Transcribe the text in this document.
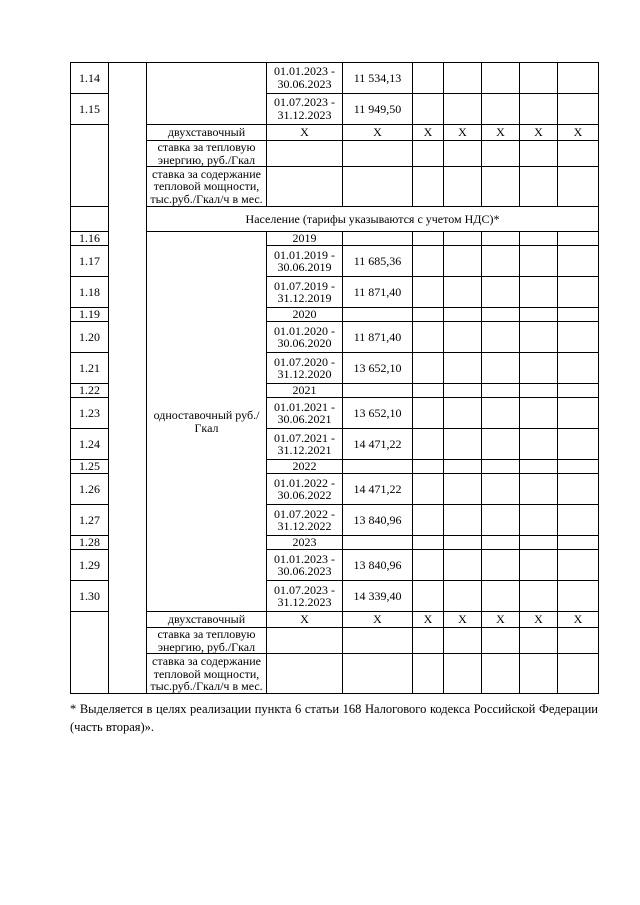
1.14			01.01.2023 - 30.06.2023	11 534,13					
1.15			01.07.2023 - 31.12.2023	11 949,50					
		двухставочный	Х	Х	Х	Х	Х	Х	Х
		ставка за тепловую энергию, руб./Гкал							
		ставка за содержание тепловой мощности, тыс.руб./Гкал/ч в мес.							
		Население (тарифы указываются с учетом НДС)*							
1.16		одноставочный руб./Гкал	2019						
1.17			01.01.2019 - 30.06.2019	11 685,36					
1.18			01.07.2019 - 31.12.2019	11 871,40					
1.19			2020						
1.20			01.01.2020 - 30.06.2020	11 871,40					
1.21			01.07.2020 - 31.12.2020	13 652,10					
1.22			2021						
1.23			01.01.2021 - 30.06.2021	13 652,10					
1.24			01.07.2021 - 31.12.2021	14 471,22					
1.25			2022						
1.26			01.01.2022 - 30.06.2022	14 471,22					
1.27			01.07.2022 - 31.12.2022	13 840,96					
1.28			2023						
1.29			01.01.2023 - 30.06.2023	13 840,96					
1.30			01.07.2023 - 31.12.2023	14 339,40					
		двухставочный	Х	Х	Х	Х	Х	Х	Х
		ставка за тепловую энергию, руб./Гкал							
		ставка за содержание тепловой мощности, тыс.руб./Гкал/ч в мес.							
* Выделяется в целях реализации пункта 6 статьи 168 Налогового кодекса Российской Федерации (часть вторая)».
